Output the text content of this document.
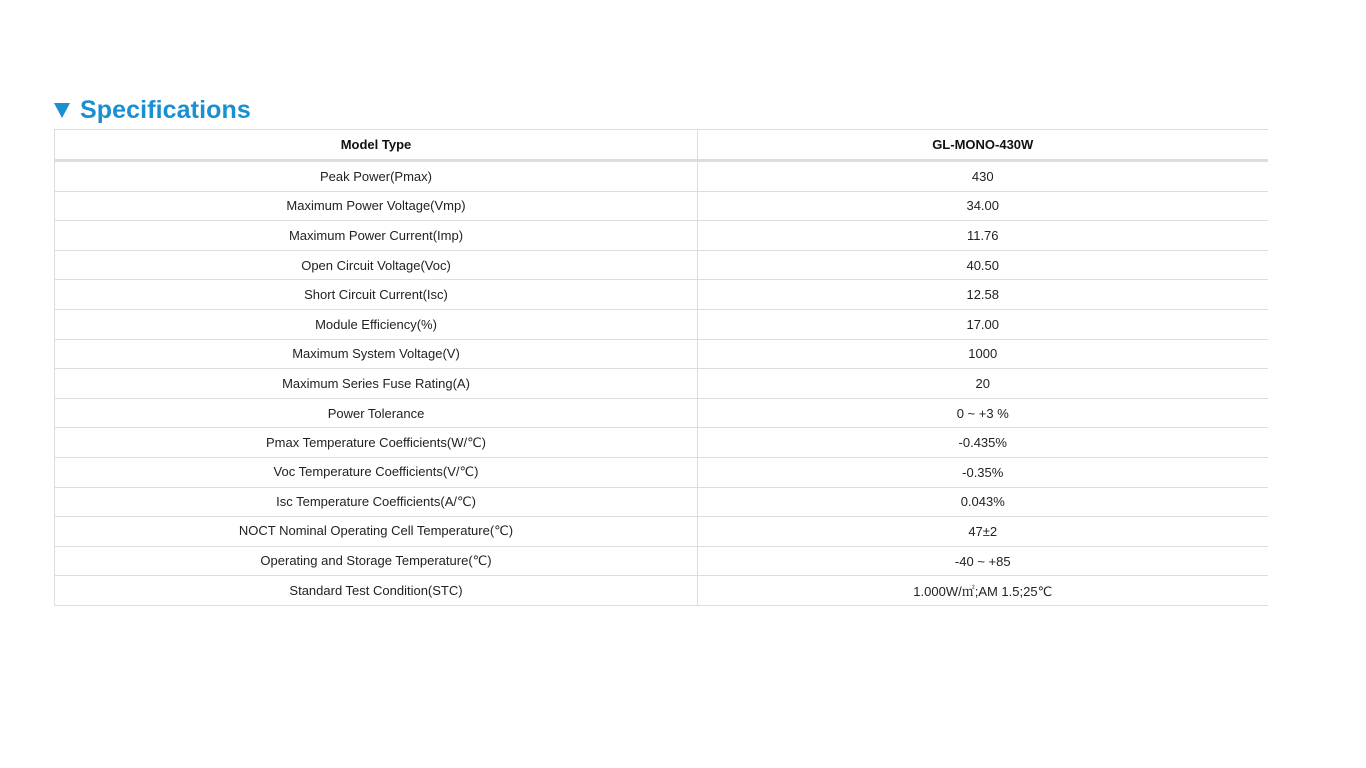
Specifications
Model Type	GL-MONO-430W
Peak Power(Pmax)	430
Maximum Power Voltage(Vmp)	34.00
Maximum Power Current(Imp)	11.76
Open Circuit Voltage(Voc)	40.50
Short Circuit Current(Isc)	12.58
Module Efficiency(%)	17.00
Maximum System Voltage(V)	1000
Maximum Series Fuse Rating(A)	20
Power Tolerance	0 ~ +3 %
Pmax Temperature Coefficients(W/℃)	-0.435%
Voc Temperature Coefficients(V/℃)	-0.35%
Isc Temperature Coefficients(A/℃)	0.043%
NOCT Nominal Operating Cell Temperature(℃)	47±2
Operating and Storage Temperature(℃)	-40 ~ +85
Standard Test Condition(STC)	1.000W/㎡;AM 1.5;25℃
